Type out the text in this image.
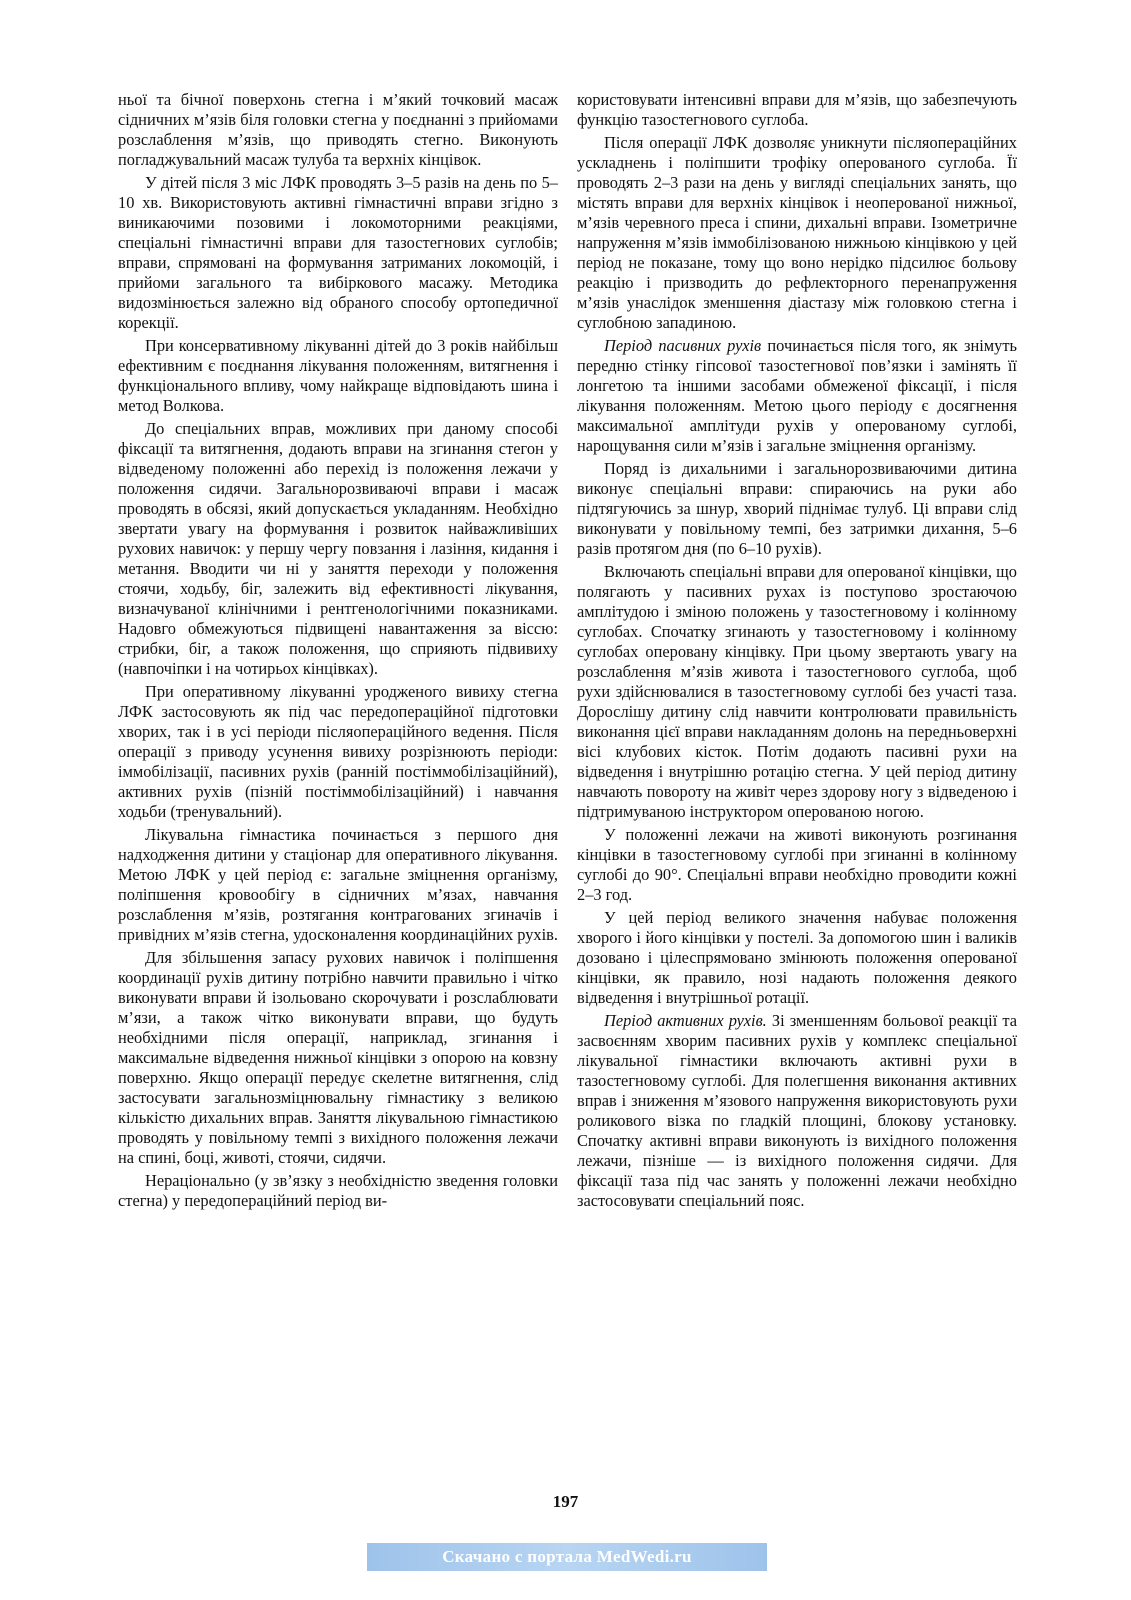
ньої та бічної поверхонь стегна і м’який точковий масаж сідничних м’язів біля головки стегна у поєднанні з прийомами розслаблення м’язів, що приводять стегно. Виконують погладжувальний масаж тулуба та верхніх кінцівок.

У дітей після 3 міс ЛФК проводять 3–5 разів на день по 5–10 хв. Використовують активні гімнастичні вправи згідно з виникаючими позовими і локомоторними реакціями, спеціальні гімнастичні вправи для тазостегнових суглобів; вправи, спрямовані на формування затриманих локомоцій, і прийоми загального та вибіркового масажу. Методика видозмінюється залежно від обраного способу ортопедичної корекції.

При консервативному лікуванні дітей до 3 років найбільш ефективним є поєднання лікування положенням, витягнення і функціонального впливу, чому найкраще відповідають шина і метод Волкова.

До спеціальних вправ, можливих при даному способі фіксації та витягнення, додають вправи на згинання стегон у відведеному положенні або перехід із положення лежачи у положення сидячи. Загальнорозвиваючі вправи і масаж проводять в обсязі, який допускається укладанням. Необхідно звертати увагу на формування і розвиток найважливіших рухових навичок: у першу чергу повзання і лазіння, кидання і метання. Вводити чи ні у заняття переходи у положення стоячи, ходьбу, біг, залежить від ефективності лікування, визначуваної клінічними і рентгенологічними показниками. Надовго обмежуються підвищені навантаження за віссю: стрибки, біг, а також положення, що сприяють підвивиху (навпочіпки і на чотирьох кінцівках).

При оперативному лікуванні уродженого вивиху стегна ЛФК застосовують як під час передопераційної підготовки хворих, так і в усі періоди післяопераційного ведення. Після операції з приводу усунення вивиху розрізнюють періоди: іммобілізації, пасивних рухів (ранній постіммобілізаційний), активних рухів (пізній постіммобілізаційний) і навчання ходьби (тренувальний).

Лікувальна гімнастика починається з першого дня надходження дитини у стаціонар для оперативного лікування. Метою ЛФК у цей період є: загальне зміцнення організму, поліпшення кровообігу в сідничних м’язах, навчання розслаблення м’язів, розтягання контрагованих згиначів і привідних м’язів стегна, удосконалення координаційних рухів.

Для збільшення запасу рухових навичок і поліпшення координації рухів дитину потрібно навчити правильно і чітко виконувати вправи й ізольовано скорочувати і розслаблювати м’язи, а також чітко виконувати вправи, що будуть необхідними після операції, наприклад, згинання і максимальне відведення нижньої кінцівки з опорою на ковзну поверхню. Якщо операції передує скелетне витягнення, слід застосувати загальнозміцнювальну гімнастику з великою кількістю дихальних вправ. Заняття лікувальною гімнастикою проводять у повільному темпі з вихідного положення лежачи на спині, боці, животі, стоячи, сидячи.

Нераціонально (у зв’язку з необхідністю зведення головки стегна) у передопераційний період ви-

користовувати інтенсивні вправи для м’язів, що забезпечують функцію тазостегнового суглоба.

Після операції ЛФК дозволяє уникнути післяопераційних ускладнень і поліпшити трофіку оперованого суглоба. Її проводять 2–3 рази на день у вигляді спеціальних занять, що містять вправи для верхніх кінцівок і неоперованої нижньої, м’язів черевного преса і спини, дихальні вправи. Ізометричне напруження м’язів іммобілізованою нижньою кінцівкою у цей період не показане, тому що воно нерідко підсилює больову реакцію і призводить до рефлекторного перенапруження м’язів унаслідок зменшення діастазу між головкою стегна і суглобною западиною.

Період пасивних рухів починається після того, як знімуть передню стінку гіпсової тазостегнової пов’язки і замінять її лонгетою та іншими засобами обмеженої фіксації, і після лікування положенням. Метою цього періоду є досягнення максимальної амплітуди рухів у оперованому суглобі, нарощування сили м’язів і загальне зміцнення організму.

Поряд із дихальними і загальнорозвиваючими дитина виконує спеціальні вправи: спираючись на руки або підтягуючись за шнур, хворий піднімає тулуб. Ці вправи слід виконувати у повільному темпі, без затримки дихання, 5–6 разів протягом дня (по 6–10 рухів).

Включають спеціальні вправи для оперованої кінцівки, що полягають у пасивних рухах із поступово зростаючою амплітудою і зміною положень у тазостегновому і колінному суглобах. Спочатку згинають у тазостегновому і колінному суглобах оперовану кінцівку. При цьому звертають увагу на розслаблення м’язів живота і тазостегнового суглоба, щоб рухи здійснювалися в тазостегновому суглобі без участі таза. Дорослішу дитину слід навчити контролювати правильність виконання цієї вправи накладанням долонь на передньоверхні вісі клубових кісток. Потім додають пасивні рухи на відведення і внутрішню ротацію стегна. У цей період дитину навчають повороту на живіт через здорову ногу з відведеною і підтримуваною інструктором оперованою ногою.

У положенні лежачи на животі виконують розгинання кінцівки в тазостегновому суглобі при згинанні в колінному суглобі до 90°. Спеціальні вправи необхідно проводити кожні 2–3 год.

У цей період великого значення набуває положення хворого і його кінцівки у постелі. За допомогою шин і валиків дозовано і цілеспрямовано змінюють положення оперованої кінцівки, як правило, нозі надають положення деякого відведення і внутрішньої ротації.

Період активних рухів. Зі зменшенням больової реакції та засвоєнням хворим пасивних рухів у комплекс спеціальної лікувальної гімнастики включають активні рухи в тазостегновому суглобі. Для полегшення виконання активних вправ і зниження м’язового напруження використовують рухи роликового візка по гладкій площині, блокову установку. Спочатку активні вправи виконують із вихідного положення лежачи, пізніше — із вихідного положення сидячи. Для фіксації таза під час занять у положенні лежачи необхідно застосовувати спеціальний пояс.

197
Скачано с портала MedWedi.ru
